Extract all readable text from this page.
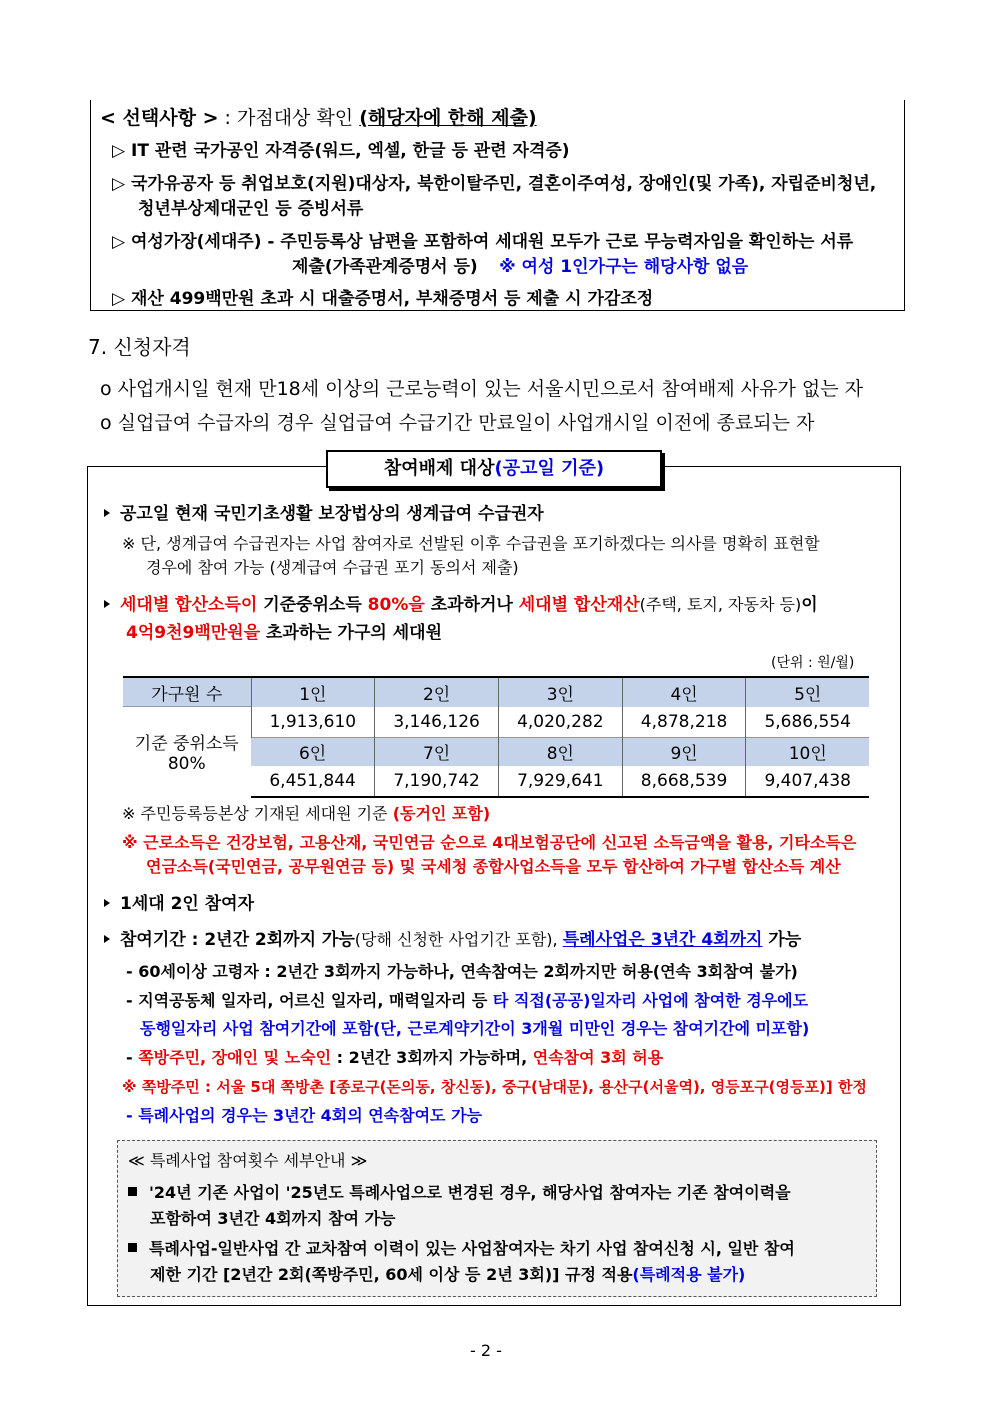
< 선택사항 > : 가점대상 확인 (해당자에 한해 제출)
▷ IT 관련 국가공인 자격증(워드, 엑셀, 한글 등 관련 자격증)
▷ 국가유공자 등 취업보호(지원)대상자, 북한이탈주민, 결혼이주여성, 장애인(및 가족), 자립준비청년,
청년부상제대군인 등 증빙서류
▷ 여성가장(세대주) - 주민등록상 남편을 포함하여 세대원 모두가 근로 무능력자임을 확인하는 서류
제출(가족관계증명서 등) ※ 여성 1인가구는 해당사항 없음
▷ 재산 499백만원 초과 시 대출증명서, 부채증명서 등 제출 시 가감조정
7. 신청자격
o 사업개시일 현재 만18세 이상의 근로능력이 있는 서울시민으로서 참여배제 사유가 없는 자
o 실업급여 수급자의 경우 실업급여 수급기간 만료일이 사업개시일 이전에 종료되는 자
참여배제 대상(공고일 기준)
공고일 현재 국민기초생활 보장법상의 생계급여 수급권자
※ 단, 생계급여 수급권자는 사업 참여자로 선발된 이후 수급권을 포기하겠다는 의사를 명확히 표현할
경우에 참여 가능 (생계급여 수급권 포기 동의서 제출)
세대별 합산소득이 기준중위소득 80%을 초과하거나 세대별 합산재산(주택, 토지, 자동차 등)이
4억9천9백만원을 초과하는 가구의 세대원
(단위 : 원/월)
가구원 수	1인	2인	3인	4인	5인
기준 중위소득
80%	1,913,610	3,146,126	4,020,282	4,878,218	5,686,554
	6인	7인	8인	9인	10인
	6,451,844	7,190,742	7,929,641	8,668,539	9,407,438
※ 주민등록등본상 기재된 세대원 기준 (동거인 포함)
※ 근로소득은 건강보험, 고용산재, 국민연금 순으로 4대보험공단에 신고된 소득금액을 활용, 기타소득은
연금소득(국민연금, 공무원연금 등) 및 국세청 종합사업소득을 모두 합산하여 가구별 합산소득 계산
1세대 2인 참여자
참여기간 : 2년간 2회까지 가능(당해 신청한 사업기간 포함), 특례사업은 3년간 4회까지 가능
- 60세이상 고령자 : 2년간 3회까지 가능하나, 연속참여는 2회까지만 허용(연속 3회참여 불가)
- 지역공동체 일자리, 어르신 일자리, 매력일자리 등 타 직접(공공)일자리 사업에 참여한 경우에도
동행일자리 사업 참여기간에 포함(단, 근로계약기간이 3개월 미만인 경우는 참여기간에 미포함)
- 쪽방주민, 장애인 및 노숙인 : 2년간 3회까지 가능하며, 연속참여 3회 허용
※ 쪽방주민 : 서울 5대 쪽방촌 [종로구(돈의동, 창신동), 중구(남대문), 용산구(서울역), 영등포구(영등포)] 한정
- 특례사업의 경우는 3년간 4회의 연속참여도 가능
≪ 특례사업 참여횟수 세부안내 ≫
'24년 기존 사업이 '25년도 특례사업으로 변경된 경우, 해당사업 참여자는 기존 참여이력을
포함하여 3년간 4회까지 참여 가능
특례사업-일반사업 간 교차참여 이력이 있는 사업참여자는 차기 사업 참여신청 시, 일반 참여
제한 기간 [2년간 2회(쪽방주민, 60세 이상 등 2년 3회)] 규정 적용(특례적용 불가)
- 2 -
